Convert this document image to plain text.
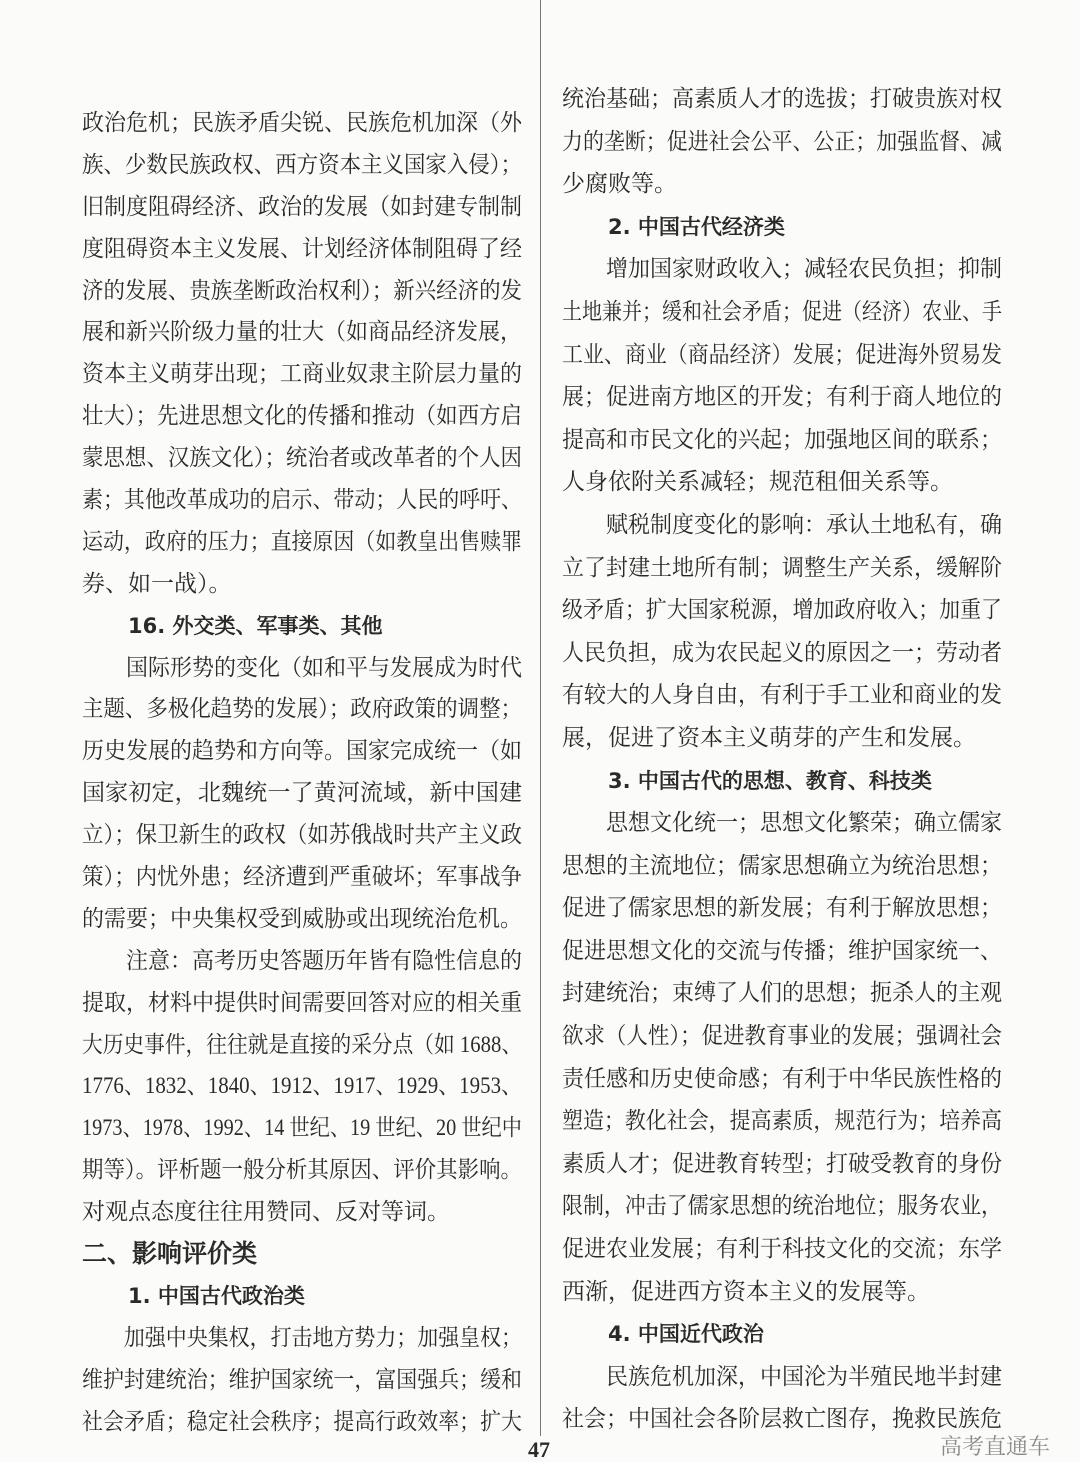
政治危机；民族矛盾尖锐、民族危机加深（外
族、少数民族政权、西方资本主义国家入侵）；
旧制度阻碍经济、政治的发展（如封建专制制
度阻碍资本主义发展、计划经济体制阻碍了经
济的发展、贵族垄断政治权利）；新兴经济的发
展和新兴阶级力量的壮大（如商品经济发展，
资本主义萌芽出现；工商业奴隶主阶层力量的
壮大）；先进思想文化的传播和推动（如西方启
蒙思想、汉族文化）；统治者或改革者的个人因
素；其他改革成功的启示、带动；人民的呼吁、
运动，政府的压力；直接原因（如教皇出售赎罪
券、如一战）。
16. 外交类、军事类、其他
国际形势的变化（如和平与发展成为时代
主题、多极化趋势的发展）；政府政策的调整；
历史发展的趋势和方向等。国家完成统一（如
国家初定，北魏统一了黄河流域，新中国建
立）；保卫新生的政权（如苏俄战时共产主义政
策）；内忧外患；经济遭到严重破坏；军事战争
的需要；中央集权受到威胁或出现统治危机。
注意：高考历史答题历年皆有隐性信息的
提取，材料中提供时间需要回答对应的相关重
大历史事件，往往就是直接的采分点（如 1688、
1776、1832、1840、1912、1917、1929、1953、
1973、1978、1992、14 世纪、19 世纪、20 世纪中
期等）。评析题一般分析其原因、评价其影响。
对观点态度往往用赞同、反对等词。
二、影响评价类
1. 中国古代政治类
加强中央集权，打击地方势力；加强皇权；
维护封建统治；维护国家统一，富国强兵；缓和
社会矛盾；稳定社会秩序；提高行政效率；扩大
统治基础；高素质人才的选拔；打破贵族对权
力的垄断；促进社会公平、公正；加强监督、减
少腐败等。
2. 中国古代经济类
增加国家财政收入；减轻农民负担；抑制
土地兼并；缓和社会矛盾；促进（经济）农业、手
工业、商业（商品经济）发展；促进海外贸易发
展；促进南方地区的开发；有利于商人地位的
提高和市民文化的兴起；加强地区间的联系；
人身依附关系减轻；规范租佃关系等。
赋税制度变化的影响：承认土地私有，确
立了封建土地所有制；调整生产关系，缓解阶
级矛盾；扩大国家税源，增加政府收入；加重了
人民负担，成为农民起义的原因之一；劳动者
有较大的人身自由，有利于手工业和商业的发
展，促进了资本主义萌芽的产生和发展。
3. 中国古代的思想、教育、科技类
思想文化统一；思想文化繁荣；确立儒家
思想的主流地位；儒家思想确立为统治思想；
促进了儒家思想的新发展；有利于解放思想；
促进思想文化的交流与传播；维护国家统一、
封建统治；束缚了人们的思想；扼杀人的主观
欲求（人性）；促进教育事业的发展；强调社会
责任感和历史使命感；有利于中华民族性格的
塑造；教化社会，提高素质，规范行为；培养高
素质人才；促进教育转型；打破受教育的身份
限制，冲击了儒家思想的统治地位；服务农业，
促进农业发展；有利于科技文化的交流；东学
西渐，促进西方资本主义的发展等。
4. 中国近代政治
民族危机加深，中国沦为半殖民地半封建
社会；中国社会各阶层救亡图存，挽救民族危
高考直通车
47
